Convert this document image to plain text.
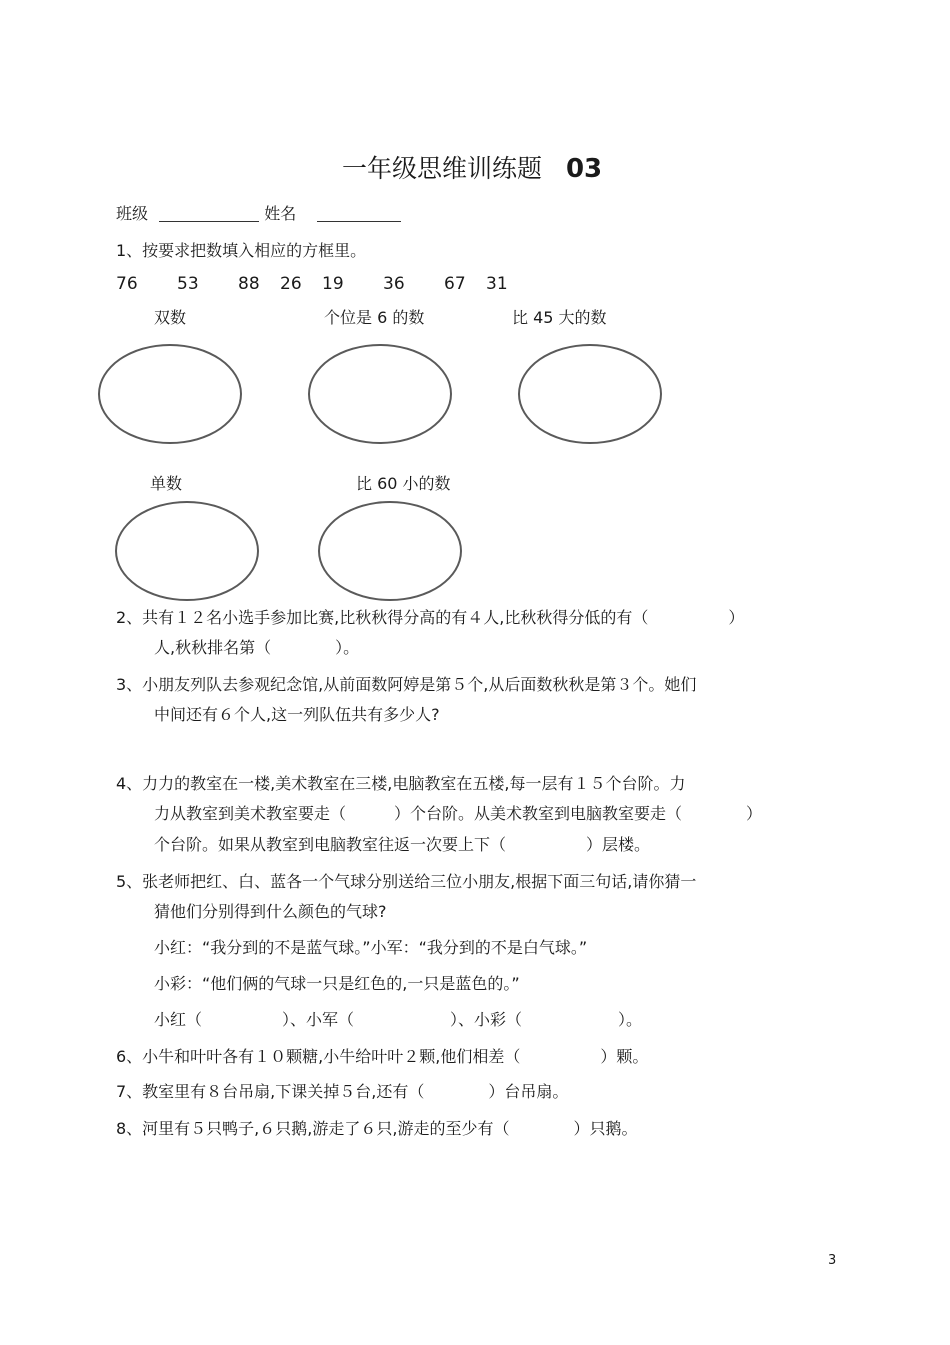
一年级思维训练题 03
班级	姓名
1、按要求把数填入相应的方框里。
76 53 88 26 19 36 67 31
双数	个位是 6 的数	比 45 大的数
单数	比 60 小的数
2、共有１２名小选手参加比赛,比秋秋得分高的有４人,比秋秋得分低的有（　　　　　）
人,秋秋排名第（　　　　）。
3、小朋友列队去参观纪念馆,从前面数阿婷是第５个,从后面数秋秋是第３个。她们
中间还有６个人,这一列队伍共有多少人?
4、力力的教室在一楼,美术教室在三楼,电脑教室在五楼,每一层有１５个台阶。力
力从教室到美术教室要走（　　　）个台阶。从美术教室到电脑教室要走（　　　　）
个台阶。如果从教室到电脑教室往返一次要上下（　　　　　）层楼。
5、张老师把红、白、蓝各一个气球分别送给三位小朋友,根据下面三句话,请你猜一
猜他们分别得到什么颜色的气球?
小红：“我分到的不是蓝气球。”小军：“我分到的不是白气球。”
小彩：“他们俩的气球一只是红色的,一只是蓝色的。”
小红（　　　　　）、小军（　　　　　　）、小彩（　　　　　　）。
6、小牛和叶叶各有１０颗糖,小牛给叶叶２颗,他们相差（　　　　　）颗。
7、教室里有８台吊扇,下课关掉５台,还有（　　　　）台吊扇。
8、河里有５只鸭子,６只鹅,游走了６只,游走的至少有（　　　　）只鹅。
3
